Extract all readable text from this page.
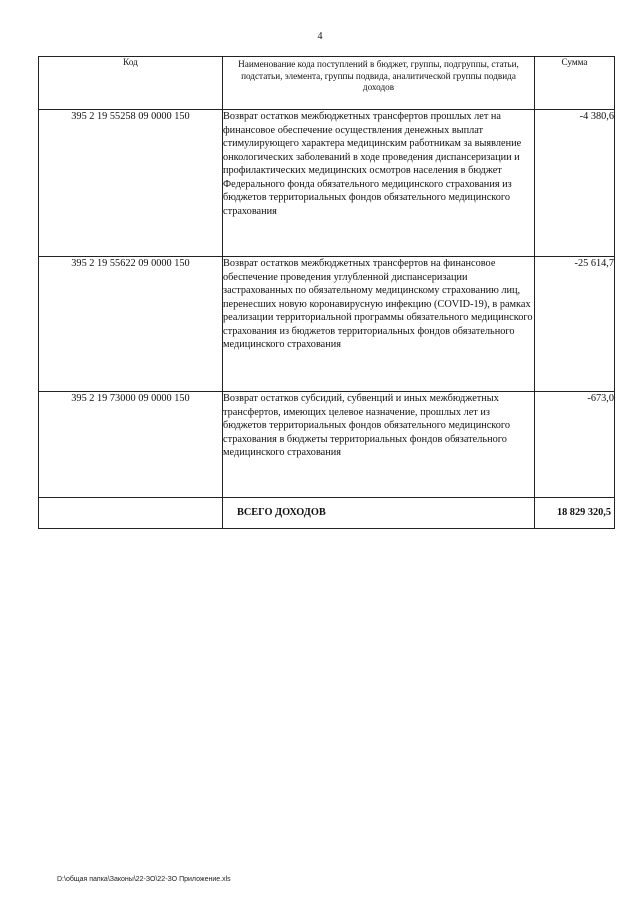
4
Код	Наименование кода поступлений в бюджет, группы, подгруппы, статьи, подстатьи, элемента, группы подвида, аналитической группы подвида доходов	Сумма
395 2 19 55258 09 0000 150	Возврат остатков межбюджетных трансфертов прошлых лет на финансовое обеспечение осуществления денежных выплат стимулирующего характера медицинским работникам за выявление онкологических заболеваний в ходе проведения диспансеризации и профилактических медицинских осмотров населения в бюджет Федерального фонда обязательного медицинского страхования из бюджетов территориальных фондов обязательного медицинского страхования	-4 380,6
395 2 19 55622 09 0000 150	Возврат остатков межбюджетных трансфертов на финансовое обеспечение проведения углубленной диспансеризации застрахованных по обязательному медицинскому страхованию лиц, перенесших новую коронавирусную инфекцию (COVID-19), в рамках реализации территориальной программы обязательного медицинского страхования из бюджетов территориальных фондов обязательного медицинского страхования	-25 614,7
395 2 19 73000 09 0000 150	Возврат остатков субсидий, субвенций и иных межбюджетных трансфертов, имеющих целевое назначение, прошлых лет из бюджетов территориальных фондов обязательного медицинского страхования в бюджеты территориальных фондов обязательного медицинского страхования	-673,0
	ВСЕГО ДОХОДОВ	18 829 320,5
D:\общая папка\Законы\22-ЗО\22-ЗО Приложение.xls
